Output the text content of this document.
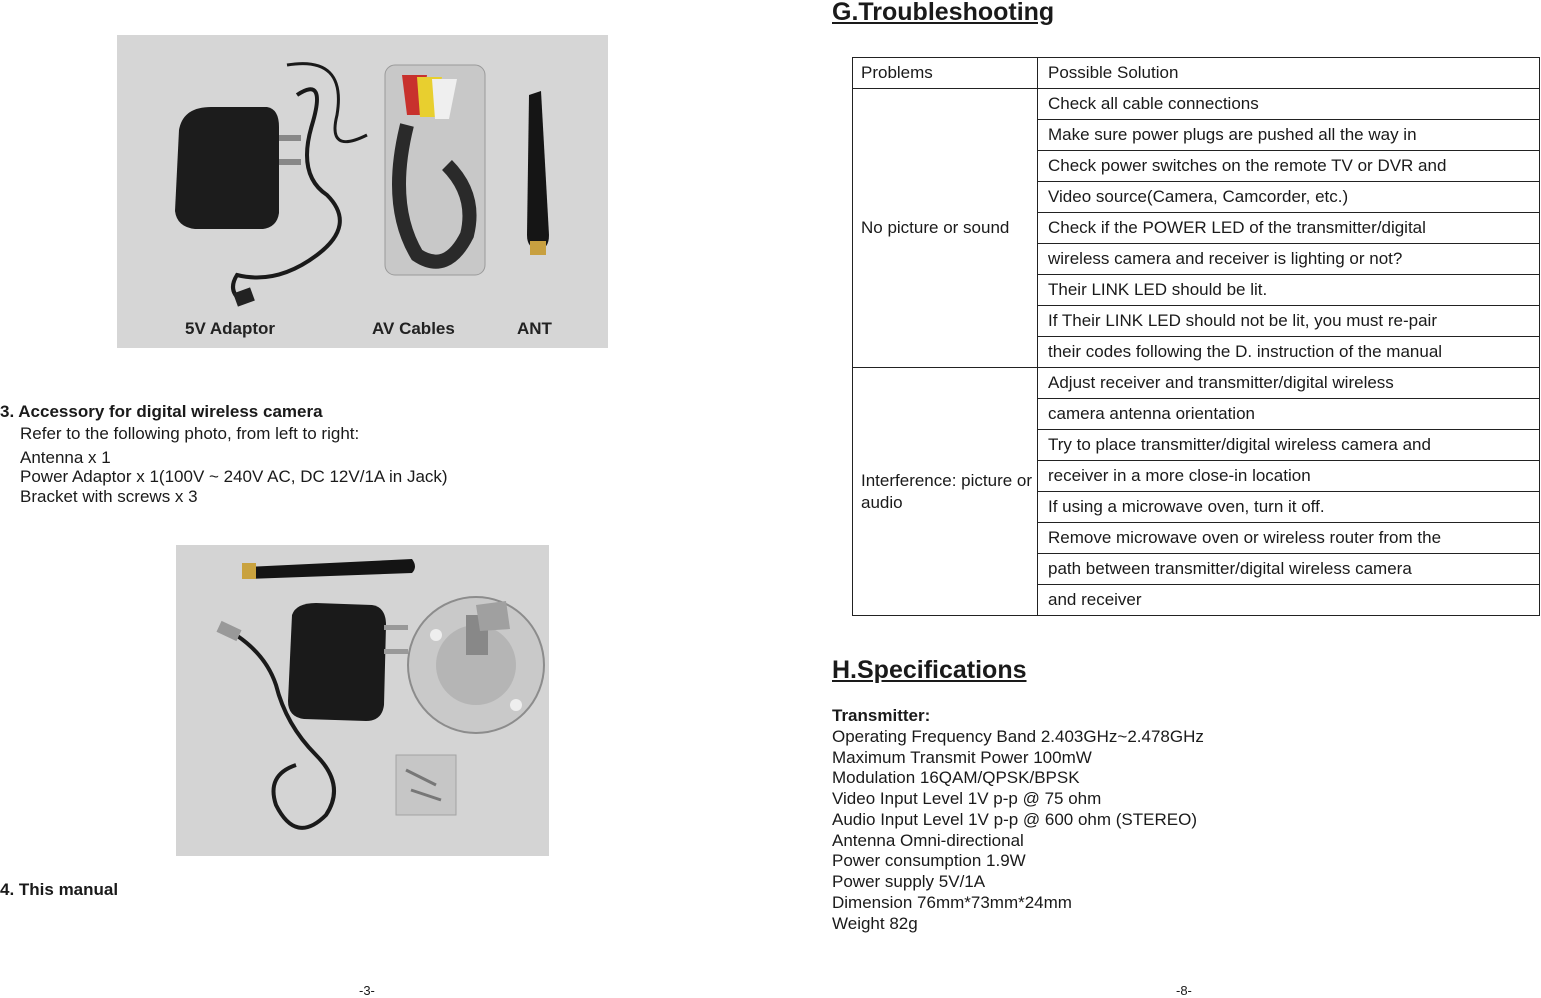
5V Adaptor	AV Cables	ANT
3. Accessory for digital wireless camera
Refer to the following photo, from left to right:
Antenna x 1
Power Adaptor x 1(100V ~ 240V AC, DC 12V/1A in Jack)
Bracket with screws x 3
4. This manual
-3-
G.Troubleshooting
Problems	Possible Solution
No picture or sound	Check all cable connections
	Make sure power plugs are pushed all the way in
	Check power switches on the remote TV or DVR and
	Video source(Camera, Camcorder, etc.)
	Check if the POWER LED of the transmitter/digital
	wireless camera and receiver is lighting or not?
	Their LINK LED should be lit.
	If Their LINK LED should not be lit, you must re-pair
	their codes following the D. instruction of the manual
Interference: picture or audio	Adjust receiver and transmitter/digital wireless
	camera antenna orientation
	Try to place transmitter/digital wireless camera and
	receiver in a more close-in location
	If using a microwave oven, turn it off.
	Remove microwave oven or wireless router from the
	path between transmitter/digital wireless camera
	and receiver
H.Specifications
Transmitter:
Operating Frequency Band 2.403GHz~2.478GHz
Maximum Transmit Power 100mW
Modulation 16QAM/QPSK/BPSK
Video Input Level 1V p-p @ 75 ohm
Audio Input Level 1V p-p @ 600 ohm (STEREO)
Antenna Omni-directional
Power consumption 1.9W
Power supply 5V/1A
Dimension 76mm*73mm*24mm
Weight 82g
-8-
